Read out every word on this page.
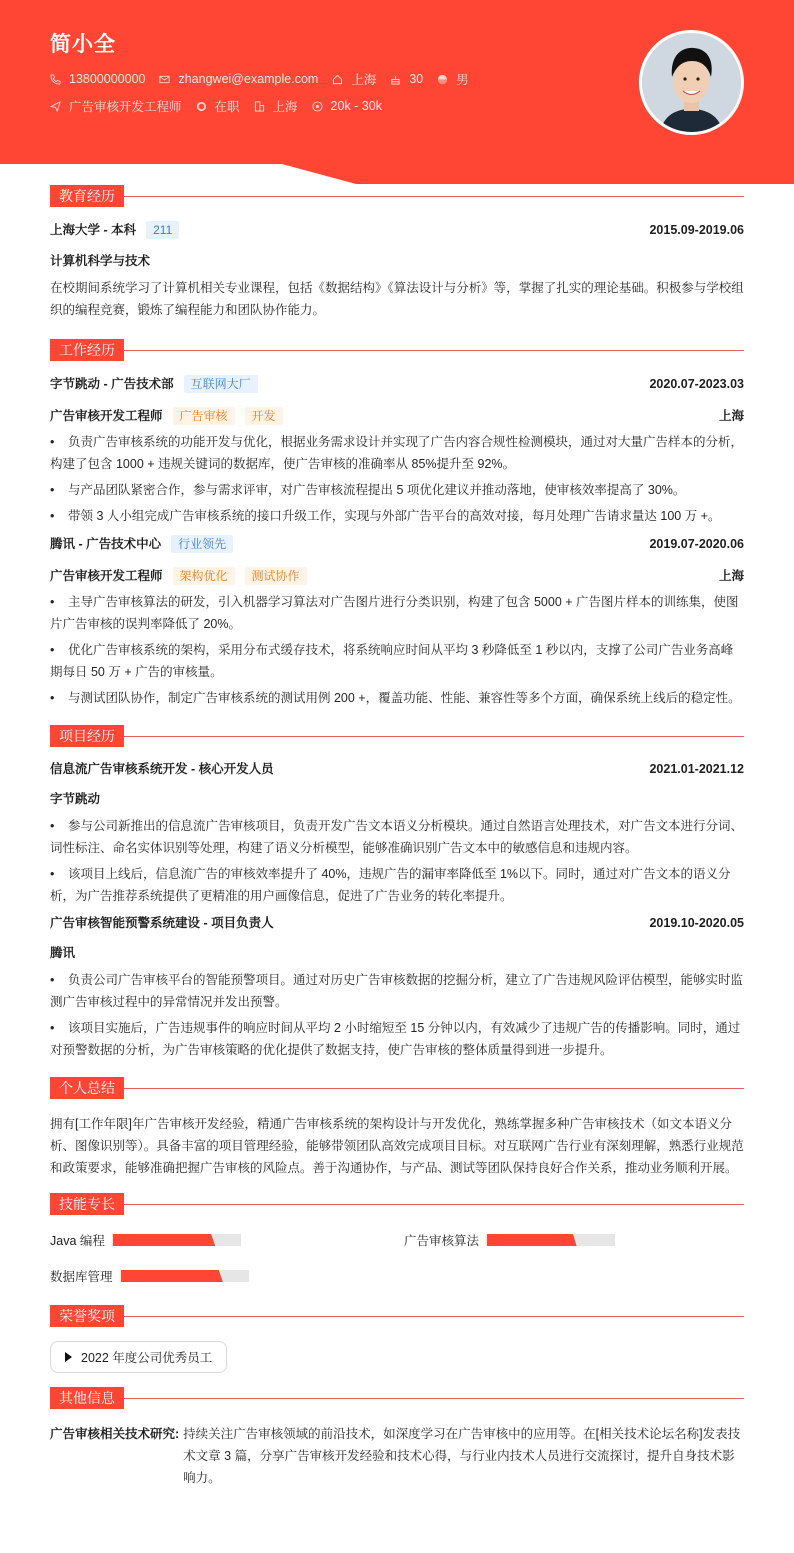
简小全
13800000000	zhangwei@example.com	上海	30	男
广告审核开发工程师	在职	上海	20k - 30k
教育经历
上海大学 - 本科	211	2015.09-2019.06
计算机科学与技术
在校期间系统学习了计算机相关专业课程，包括《数据结构》《算法设计与分析》等，掌握了扎实的理论基础。积极参与学校组织的编程竞赛，锻炼了编程能力和团队协作能力。
工作经历
字节跳动 - 广告技术部	互联网大厂	2020.07-2023.03
广告审核开发工程师	广告审核	开发	上海
• 负责广告审核系统的功能开发与优化，根据业务需求设计并实现了广告内容合规性检测模块，通过对大量广告样本的分析，构建了包含 1000 + 违规关键词的数据库，使广告审核的准确率从 85%提升至 92%。
• 与产品团队紧密合作，参与需求评审，对广告审核流程提出 5 项优化建议并推动落地，使审核效率提高了 30%。
• 带领 3 人小组完成广告审核系统的接口升级工作，实现与外部广告平台的高效对接，每月处理广告请求量达 100 万 +。
腾讯 - 广告技术中心	行业领先	2019.07-2020.06
广告审核开发工程师	架构优化	测试协作	上海
• 主导广告审核算法的研发，引入机器学习算法对广告图片进行分类识别，构建了包含 5000 + 广告图片样本的训练集，使图片广告审核的误判率降低了 20%。
• 优化广告审核系统的架构，采用分布式缓存技术，将系统响应时间从平均 3 秒降低至 1 秒以内，支撑了公司广告业务高峰期每日 50 万 + 广告的审核量。
• 与测试团队协作，制定广告审核系统的测试用例 200 +，覆盖功能、性能、兼容性等多个方面，确保系统上线后的稳定性。
项目经历
信息流广告审核系统开发 - 核心开发人员	2021.01-2021.12
字节跳动
• 参与公司新推出的信息流广告审核项目，负责开发广告文本语义分析模块。通过自然语言处理技术，对广告文本进行分词、词性标注、命名实体识别等处理，构建了语义分析模型，能够准确识别广告文本中的敏感信息和违规内容。
• 该项目上线后，信息流广告的审核效率提升了 40%，违规广告的漏审率降低至 1%以下。同时，通过对广告文本的语义分析，为广告推荐系统提供了更精准的用户画像信息，促进了广告业务的转化率提升。
广告审核智能预警系统建设 - 项目负责人	2019.10-2020.05
腾讯
• 负责公司广告审核平台的智能预警项目。通过对历史广告审核数据的挖掘分析，建立了广告违规风险评估模型，能够实时监测广告审核过程中的异常情况并发出预警。
• 该项目实施后，广告违规事件的响应时间从平均 2 小时缩短至 15 分钟以内，有效减少了违规广告的传播影响。同时，通过对预警数据的分析，为广告审核策略的优化提供了数据支持，使广告审核的整体质量得到进一步提升。
个人总结
拥有[工作年限]年广告审核开发经验，精通广告审核系统的架构设计与开发优化，熟练掌握多种广告审核技术（如文本语义分析、图像识别等）。具备丰富的项目管理经验，能够带领团队高效完成项目目标。对互联网广告行业有深刻理解，熟悉行业规范和政策要求，能够准确把握广告审核的风险点。善于沟通协作，与产品、测试等团队保持良好合作关系，推动业务顺利开展。
技能专长
Java 编程	广告审核算法
数据库管理
荣誉奖项
2022 年度公司优秀员工
其他信息
广告审核相关技术研究: 持续关注广告审核领域的前沿技术，如深度学习在广告审核中的应用等。在[相关技术论坛名称]发表技术文章 3 篇，分享广告审核开发经验和技术心得，与行业内技术人员进行交流探讨，提升自身技术影响力。
